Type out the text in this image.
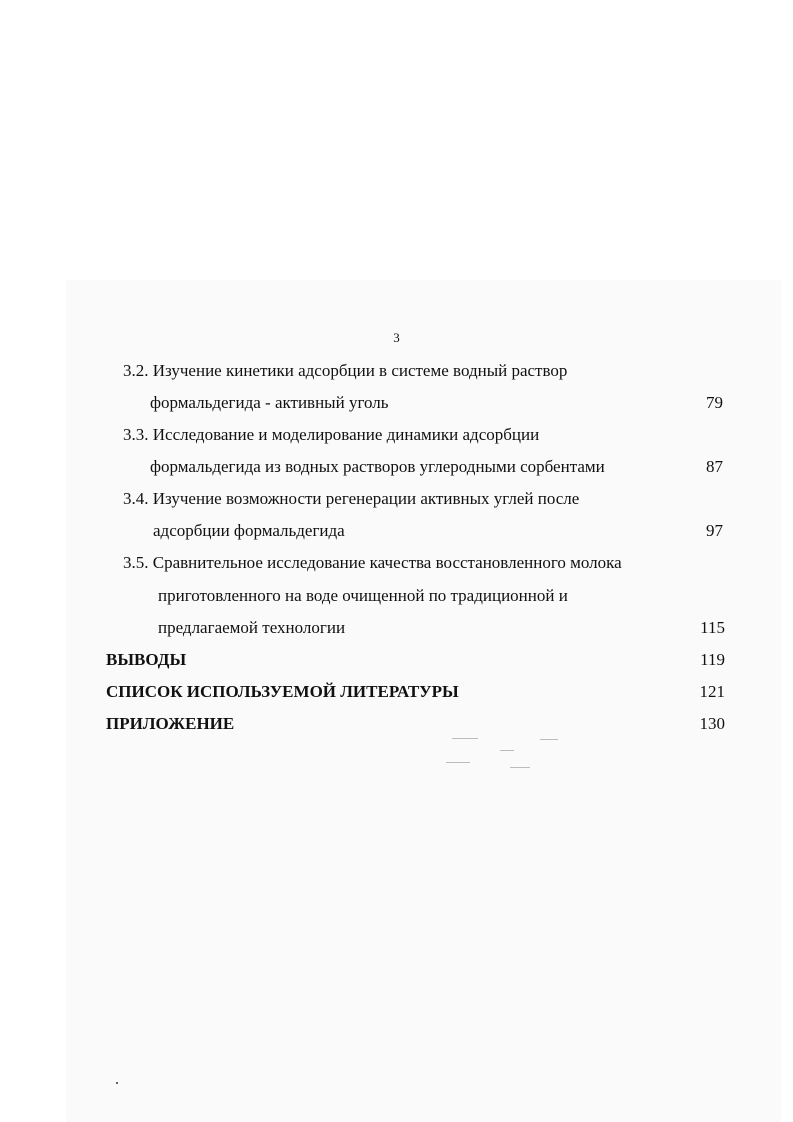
3
3.2. Изучение кинетики адсорбции в системе водный раствор
формальдегида - активный уголь	79
3.3. Исследование и моделирование динамики адсорбции
формальдегида из водных растворов углеродными сорбентами	87
3.4. Изучение возможности регенерации активных углей после
адсорбции формальдегида	97
3.5. Сравнительное исследование качества восстановленного молока
приготовленного на воде очищенной по традиционной и
предлагаемой технологии	115
ВЫВОДЫ	119
СПИСОК ИСПОЛЬЗУЕМОЙ ЛИТЕРАТУРЫ	121
ПРИЛОЖЕНИЕ	130
